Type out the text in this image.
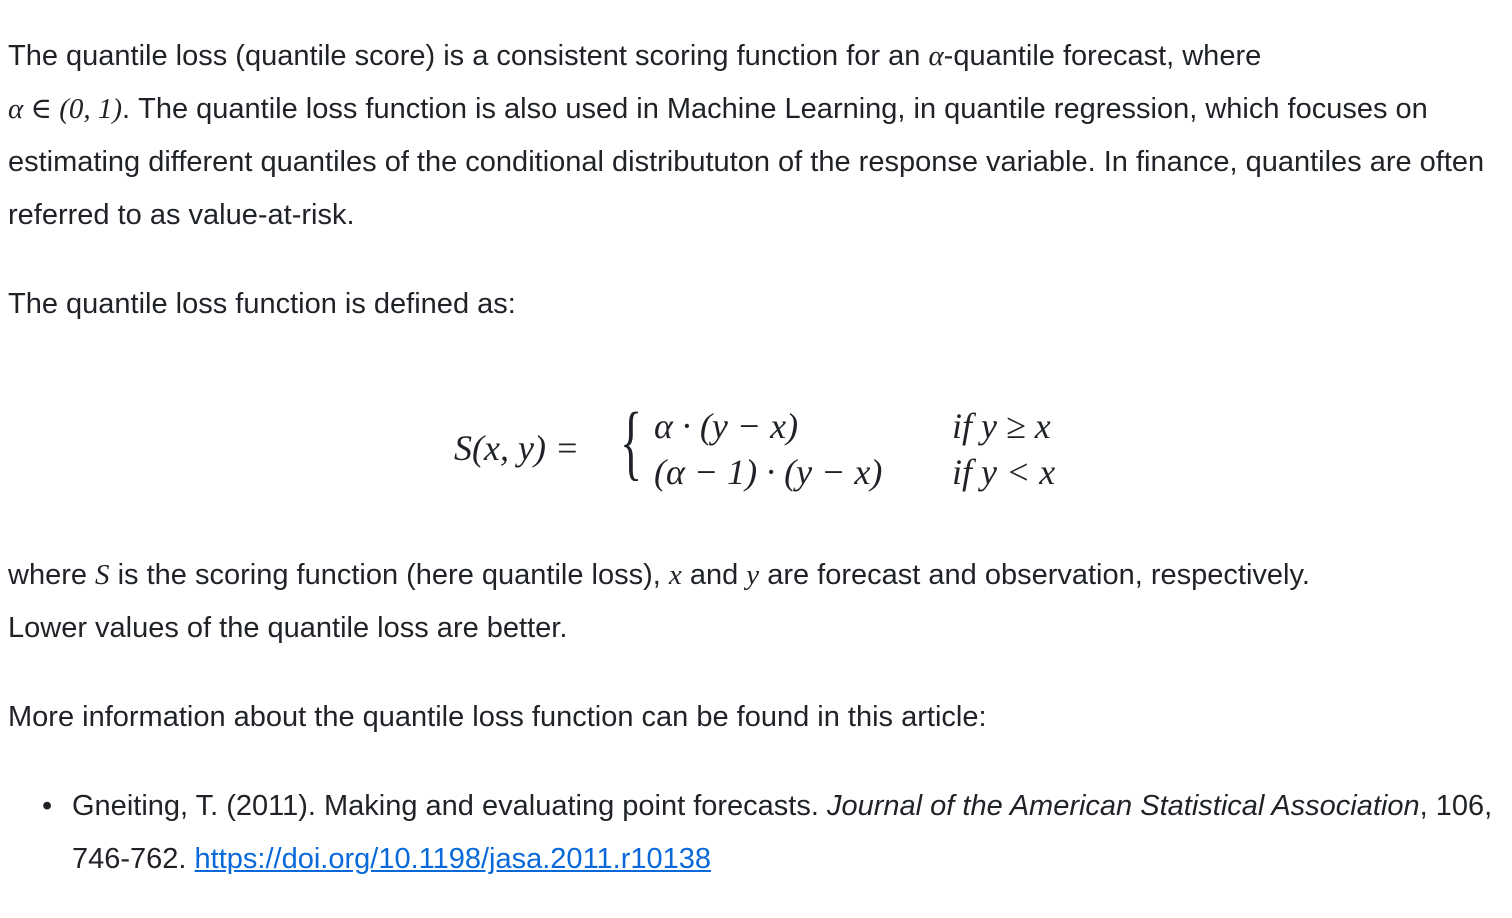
The quantile loss (quantile score) is a consistent scoring function for an α-quantile forecast, where
α ∈ (0, 1). The quantile loss function is also used in Machine Learning, in quantile regression, which focuses on estimating different quantiles of the conditional distribututon of the response variable. In finance, quantiles are often referred to as value-at-risk.

The quantile loss function is defined as:

S(x, y) = { α · (y − x)	if y ≥ x
(α − 1) · (y − x) if y < x

where S is the scoring function (here quantile loss), x and y are forecast and observation, respectively.
Lower values of the quantile loss are better.

More information about the quantile loss function can be found in this article:

• Gneiting, T. (2011). Making and evaluating point forecasts. Journal of the American Statistical Association, 106, 746-762. https://doi.org/10.1198/jasa.2011.r10138
